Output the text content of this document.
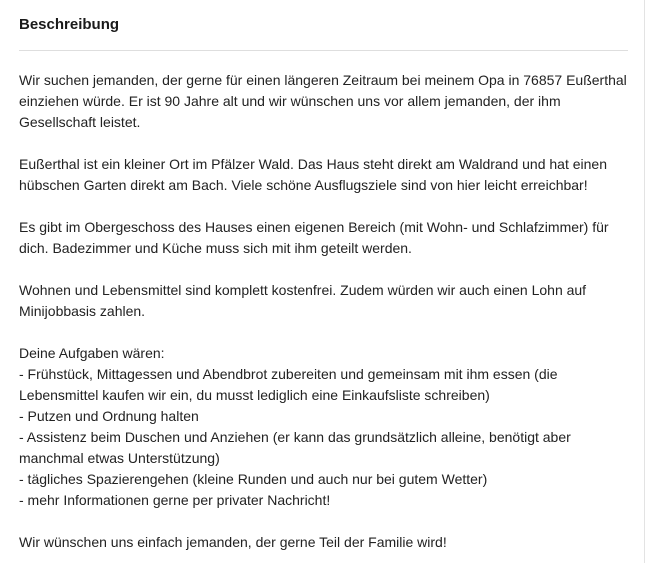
Beschreibung

Wir suchen jemanden, der gerne für einen längeren Zeitraum bei meinem Opa in 76857 Eußerthal
einziehen würde. Er ist 90 Jahre alt und wir wünschen uns vor allem jemanden, der ihm
Gesellschaft leistet.

Eußerthal ist ein kleiner Ort im Pfälzer Wald. Das Haus steht direkt am Waldrand und hat einen
hübschen Garten direkt am Bach. Viele schöne Ausflugsziele sind von hier leicht erreichbar!

Es gibt im Obergeschoss des Hauses einen eigenen Bereich (mit Wohn- und Schlafzimmer) für
dich. Badezimmer und Küche muss sich mit ihm geteilt werden.

Wohnen und Lebensmittel sind komplett kostenfrei. Zudem würden wir auch einen Lohn auf
Minijobbasis zahlen.

Deine Aufgaben wären:
- Frühstück, Mittagessen und Abendbrot zubereiten und gemeinsam mit ihm essen (die
Lebensmittel kaufen wir ein, du musst lediglich eine Einkaufsliste schreiben)
- Putzen und Ordnung halten
- Assistenz beim Duschen und Anziehen (er kann das grundsätzlich alleine, benötigt aber
manchmal etwas Unterstützung)
- tägliches Spazierengehen (kleine Runden und auch nur bei gutem Wetter)
- mehr Informationen gerne per privater Nachricht!

Wir wünschen uns einfach jemanden, der gerne Teil der Familie wird!
